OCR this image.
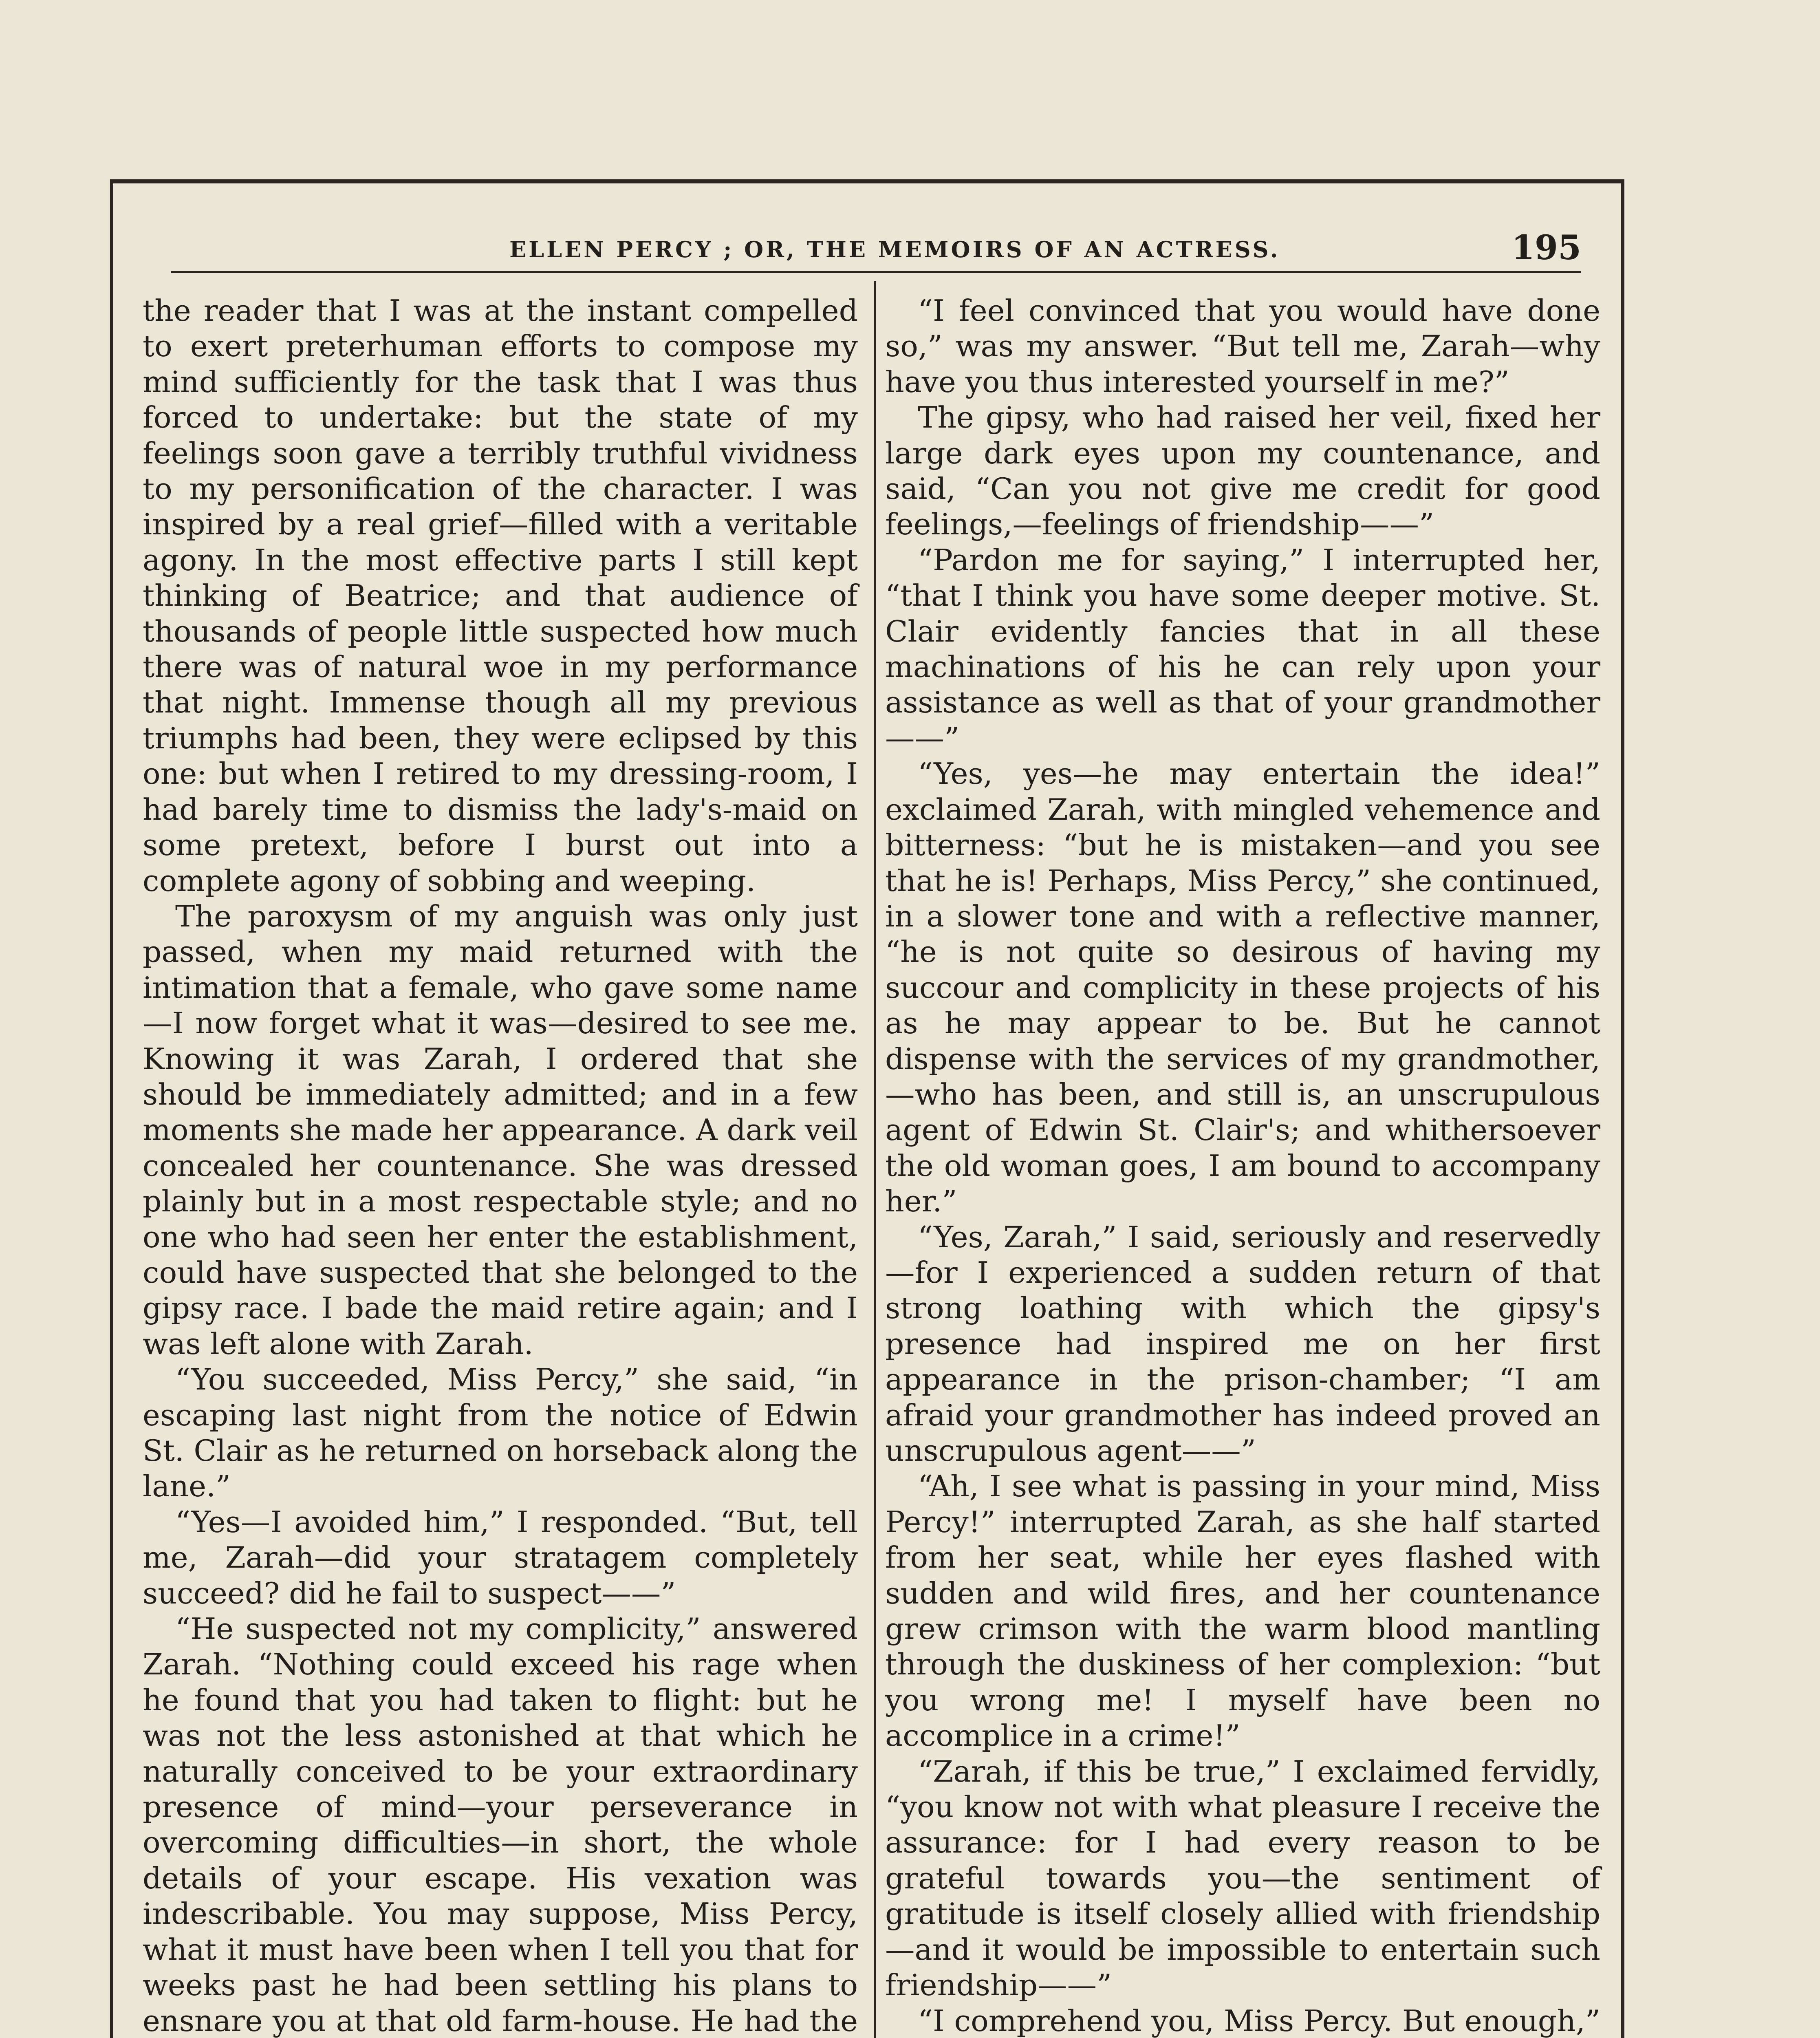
ELLEN PERCY ; OR, THE MEMOIRS OF AN ACTRESS.	195

the reader that I was at the instant compelled to exert preterhuman efforts to compose my mind sufficiently for the task that I was thus forced to undertake: but the state of my feelings soon gave a terribly truthful vividness to my personification of the character. I was inspired by a real grief—filled with a veritable agony. In the most effective parts I still kept thinking of Beatrice; and that audience of thousands of people little suspected how much there was of natural woe in my performance that night. Immense though all my previous triumphs had been, they were eclipsed by this one: but when I retired to my dressing-room, I had barely time to dismiss the lady's-maid on some pretext, before I burst out into a complete agony of sobbing and weeping.

The paroxysm of my anguish was only just passed, when my maid returned with the intimation that a female, who gave some name—I now forget what it was—desired to see me. Knowing it was Zarah, I ordered that she should be immediately admitted; and in a few moments she made her appearance. A dark veil concealed her countenance. She was dressed plainly but in a most respectable style; and no one who had seen her enter the establishment, could have suspected that she belonged to the gipsy race. I bade the maid retire again; and I was left alone with Zarah.

“You succeeded, Miss Percy,” she said, “in escaping last night from the notice of Edwin St. Clair as he returned on horseback along the lane.”

“Yes—I avoided him,” I responded. “But, tell me, Zarah—did your stratagem completely succeed? did he fail to suspect——”

“He suspected not my complicity,” answered Zarah. “Nothing could exceed his rage when he found that you had taken to flight: but he was not the less astonished at that which he naturally conceived to be your extraordinary presence of mind—your perseverance in overcoming difficulties—in short, the whole details of your escape. His vexation was indescribable. You may suppose, Miss Percy, what it must have been when I tell you that for weeks past he had been settling his plans to ensnare you at that old farm-house. He had the

“I feel convinced that you would have done so,” was my answer. “But tell me, Zarah—why have you thus interested yourself in me?”

The gipsy, who had raised her veil, fixed her large dark eyes upon my countenance, and said, “Can you not give me credit for good feelings,—feelings of friendship——”

“Pardon me for saying,” I interrupted her, “that I think you have some deeper motive. St. Clair evidently fancies that in all these machinations of his he can rely upon your assistance as well as that of your grandmother——”

“Yes, yes—he may entertain the idea!” exclaimed Zarah, with mingled vehemence and bitterness: “but he is mistaken—and you see that he is! Perhaps, Miss Percy,” she continued, in a slower tone and with a reflective manner, “he is not quite so desirous of having my succour and complicity in these projects of his as he may appear to be. But he cannot dispense with the services of my grandmother,—who has been, and still is, an unscrupulous agent of Edwin St. Clair's; and whithersoever the old woman goes, I am bound to accompany her.”

“Yes, Zarah,” I said, seriously and reservedly—for I experienced a sudden return of that strong loathing with which the gipsy's presence had inspired me on her first appearance in the prison-chamber; “I am afraid your grandmother has indeed proved an unscrupulous agent——”

“Ah, I see what is passing in your mind, Miss Percy!” interrupted Zarah, as she half started from her seat, while her eyes flashed with sudden and wild fires, and her countenance grew crimson with the warm blood mantling through the duskiness of her complexion: “but you wrong me! I myself have been no accomplice in a crime!”

“Zarah, if this be true,” I exclaimed fervidly, “you know not with what pleasure I receive the assurance: for I had every reason to be grateful towards you—the sentiment of gratitude is itself closely allied with friendship—and it would be impossible to entertain such friendship——”

“I comprehend you, Miss Percy. But enough,”
